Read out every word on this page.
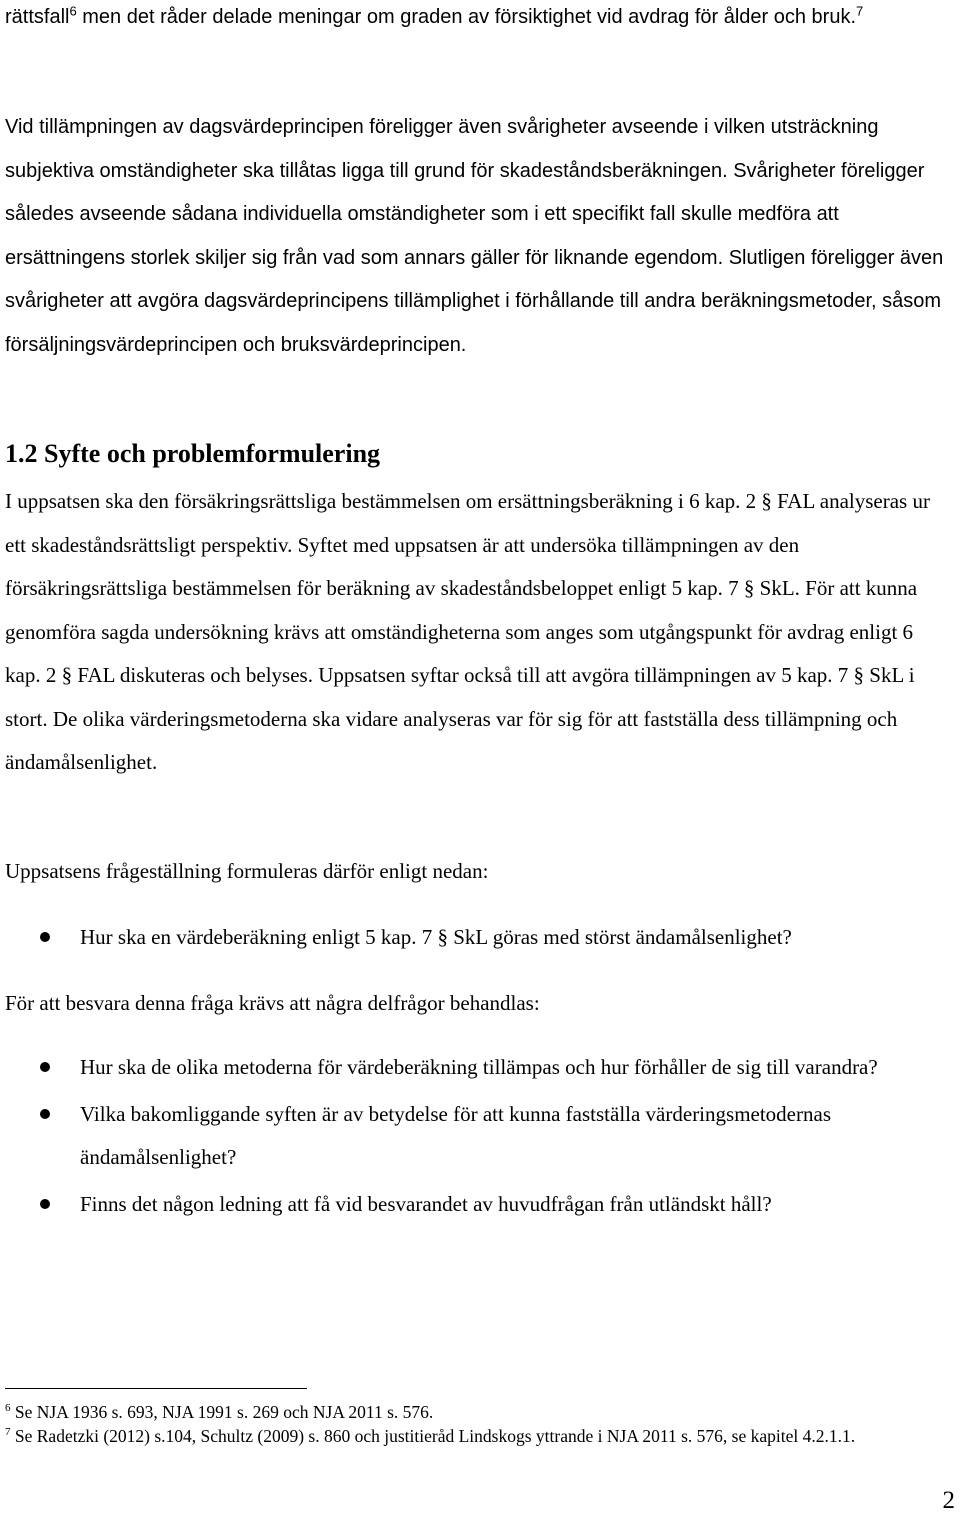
rättsfall$^6$ men det råder delade meningar om graden av försiktighet vid avdrag för ålder och bruk.$^7$

Vid tillämpningen av dagsvärdeprincipen föreligger även svårigheter avseende i vilken utsträckning subjektiva omständigheter ska tillåtas ligga till grund för skadeståndsberäkningen. Svårigheter föreligger således avseende sådana individuella omständigheter som i ett specifikt fall skulle medföra att ersättningens storlek skiljer sig från vad som annars gäller för liknande egendom. Slutligen föreligger även svårigheter att avgöra dagsvärdeprincipens tillämplighet i förhållande till andra beräkningsmetoder, såsom försäljningsvärdeprincipen och bruksvärdeprincipen.

1.2 Syfte och problemformulering

I uppsatsen ska den försäkringsrättsliga bestämmelsen om ersättningsberäkning i 6 kap. 2 § FAL analyseras ur ett skadeståndsrättsligt perspektiv. Syftet med uppsatsen är att undersöka tillämpningen av den försäkringsrättsliga bestämmelsen för beräkning av skadeståndsbeloppet enligt 5 kap. 7 § SkL. För att kunna genomföra sagda undersökning krävs att omständigheterna som anges som utgångspunkt för avdrag enligt 6 kap. 2 § FAL diskuteras och belyses. Uppsatsen syftar också till att avgöra tillämpningen av 5 kap. 7 § SkL i stort. De olika värderingsmetoderna ska vidare analyseras var för sig för att fastställa dess tillämpning och ändamålsenlighet.

Uppsatsens frågeställning formuleras därför enligt nedan:

Hur ska en värdeberäkning enligt 5 kap. 7 § SkL göras med störst ändamålsenlighet?

För att besvara denna fråga krävs att några delfrågor behandlas:

Hur ska de olika metoderna för värdeberäkning tillämpas och hur förhåller de sig till varandra?
Vilka bakomliggande syften är av betydelse för att kunna fastställa värderingsmetodernas ändamålsenlighet?
Finns det någon ledning att få vid besvarandet av huvudfrågan från utländskt håll?

$^6$ Se NJA 1936 s. 693, NJA 1991 s. 269 och NJA 2011 s. 576.

$^7$ Se Radetzki (2012) s.104, Schultz (2009) s. 860 och justitieråd Lindskogs yttrande i NJA 2011 s. 576, se kapitel 4.2.1.1.

2
